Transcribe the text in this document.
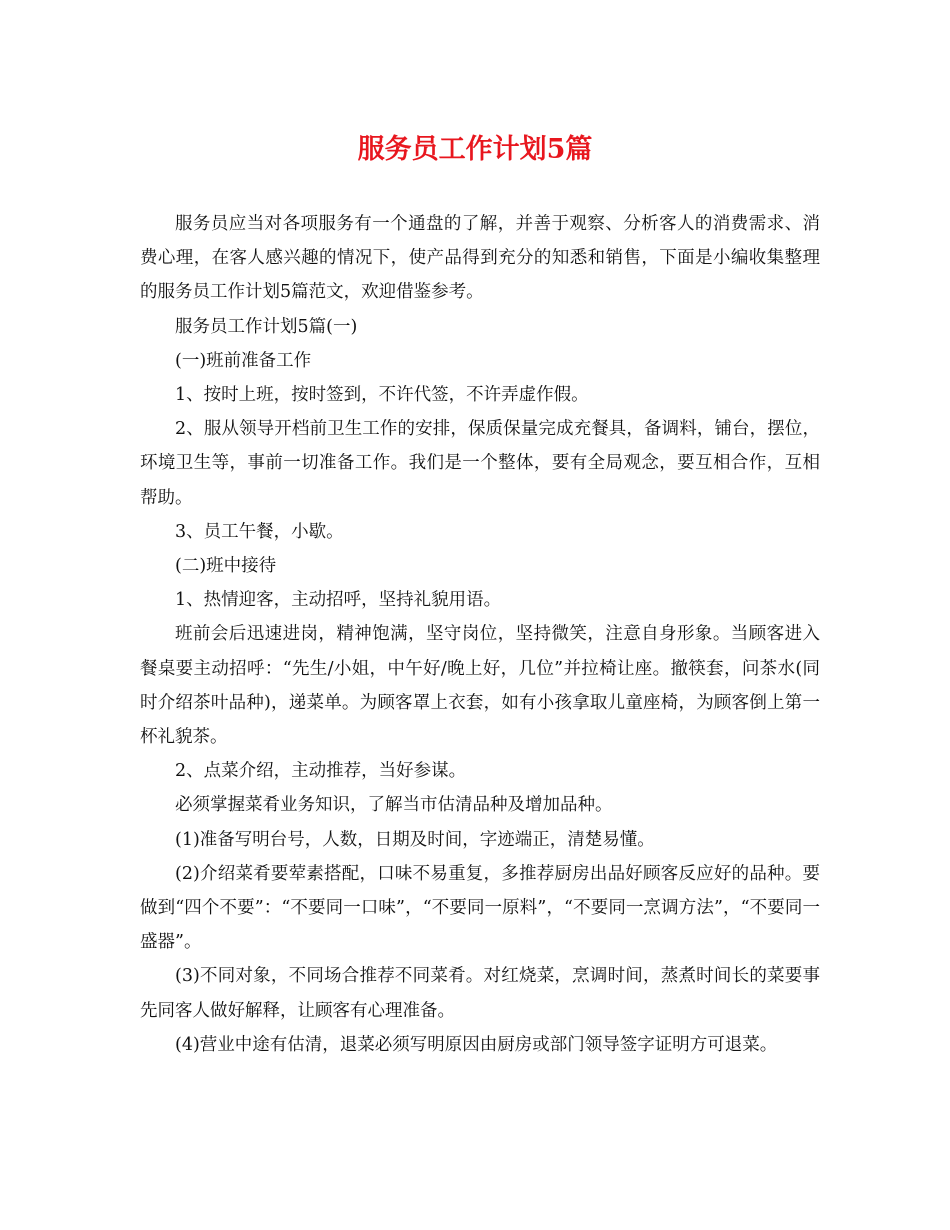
服务员工作计划5篇

服务员应当对各项服务有一个通盘的了解，并善于观察、分析客人的消费需求、消费心理，在客人感兴趣的情况下，使产品得到充分的知悉和销售，下面是小编收集整理的服务员工作计划5篇范文，欢迎借鉴参考。

服务员工作计划5篇(一)

(一)班前准备工作

1、按时上班，按时签到，不许代签，不许弄虚作假。

2、服从领导开档前卫生工作的安排，保质保量完成充餐具，备调料，铺台，摆位，环境卫生等，事前一切准备工作。我们是一个整体，要有全局观念，要互相合作，互相帮助。

3、员工午餐，小歇。

(二)班中接待

1、热情迎客，主动招呼，坚持礼貌用语。

班前会后迅速进岗，精神饱满，坚守岗位，坚持微笑，注意自身形象。当顾客进入餐桌要主动招呼：“先生/小姐，中午好/晚上好，几位”并拉椅让座。撤筷套，问茶水(同时介绍茶叶品种)，递菜单。为顾客罩上衣套，如有小孩拿取儿童座椅，为顾客倒上第一杯礼貌茶。

2、点菜介绍，主动推荐，当好参谋。

必须掌握菜肴业务知识，了解当市估清品种及增加品种。

(1)准备写明台号，人数，日期及时间，字迹端正，清楚易懂。

(2)介绍菜肴要荤素搭配，口味不易重复，多推荐厨房出品好顾客反应好的品种。要做到“四个不要”：“不要同一口味”，“不要同一原料”，“不要同一烹调方法”，“不要同一盛器”。

(3)不同对象，不同场合推荐不同菜肴。对红烧菜，烹调时间，蒸煮时间长的菜要事先同客人做好解释，让顾客有心理准备。

(4)营业中途有估清，退菜必须写明原因由厨房或部门领导签字证明方可退菜。
